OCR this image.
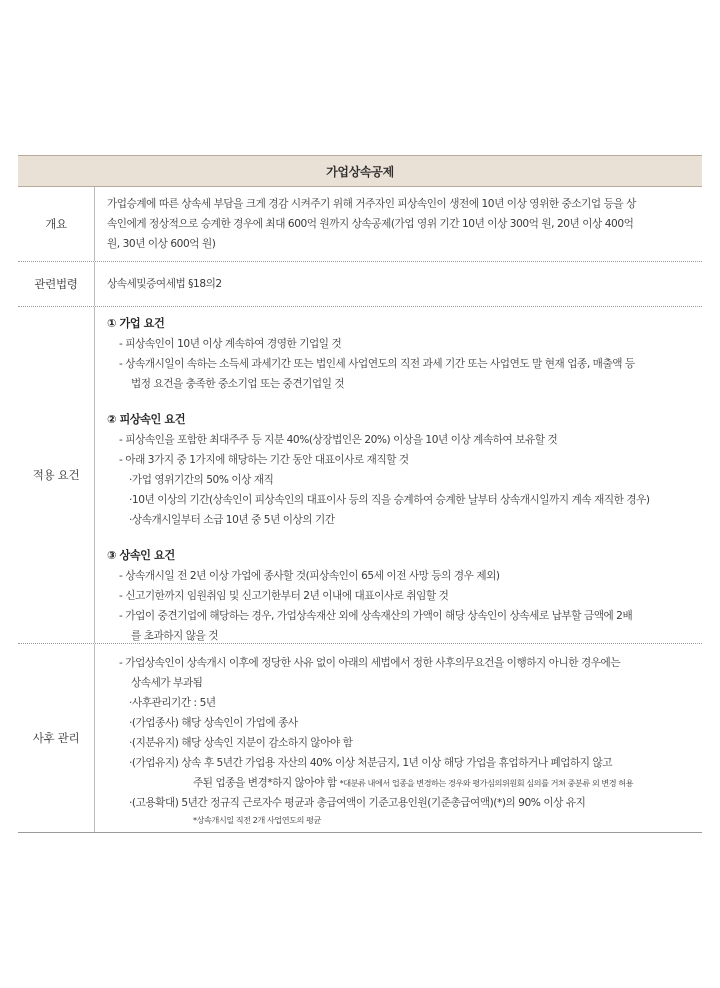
가업상속공제
개요
가업승계에 따른 상속세 부담을 크게 경감 시켜주기 위해 거주자인 피상속인이 생전에 10년 이상 영위한 중소기업 등을 상
속인에게 정상적으로 승계한 경우에 최대 600억 원까지 상속공제(가업 영위 기간 10년 이상 300억 원, 20년 이상 400억
원, 30년 이상 600억 원)
관련법령	상속세및증여세법 §18의2
적용 요건
① 가업 요건
- 피상속인이 10년 이상 계속하여 경영한 기업일 것
- 상속개시일이 속하는 소득세 과세기간 또는 법인세 사업연도의 직전 과세 기간 또는 사업연도 말 현재 업종, 매출액 등
법정 요건을 충족한 중소기업 또는 중견기업일 것
② 피상속인 요건
- 피상속인을 포함한 최대주주 등 지분 40%(상장법인은 20%) 이상을 10년 이상 계속하여 보유할 것
- 아래 3가지 중 1가지에 해당하는 기간 동안 대표이사로 재직할 것
·가업 영위기간의 50% 이상 재직
·10년 이상의 기간(상속인이 피상속인의 대표이사 등의 직을 승계하여 승계한 날부터 상속개시일까지 계속 재직한 경우)
·상속개시일부터 소급 10년 중 5년 이상의 기간
③ 상속인 요건
- 상속개시일 전 2년 이상 가업에 종사할 것(피상속인이 65세 이전 사망 등의 경우 제외)
- 신고기한까지 임원취임 및 신고기한부터 2년 이내에 대표이사로 취임할 것
- 가업이 중견기업에 해당하는 경우, 가업상속재산 외에 상속재산의 가액이 해당 상속인이 상속세로 납부할 금액에 2배
를 초과하지 않을 것
사후 관리
- 가업상속인이 상속개시 이후에 정당한 사유 없이 아래의 세법에서 정한 사후의무요건을 이행하지 아니한 경우에는
상속세가 부과됨
·사후관리기간 : 5년
·(가업종사) 해당 상속인이 가업에 종사
·(지분유지) 해당 상속인 지분이 감소하지 않아야 함
·(가업유지) 상속 후 5년간 가업용 자산의 40% 이상 처분금지, 1년 이상 해당 가업을 휴업하거나 폐업하지 않고
주된 업종을 변경*하지 않아야 함 *대분류 내에서 업종을 변경하는 경우와 평가심의위원회 심의를 거쳐 중분류 외 변경 허용
·(고용확대) 5년간 정규직 근로자수 평균과 총급여액이 기준고용인원(기준총급여액)(*)의 90% 이상 유지
*상속개시일 직전 2개 사업연도의 평균
